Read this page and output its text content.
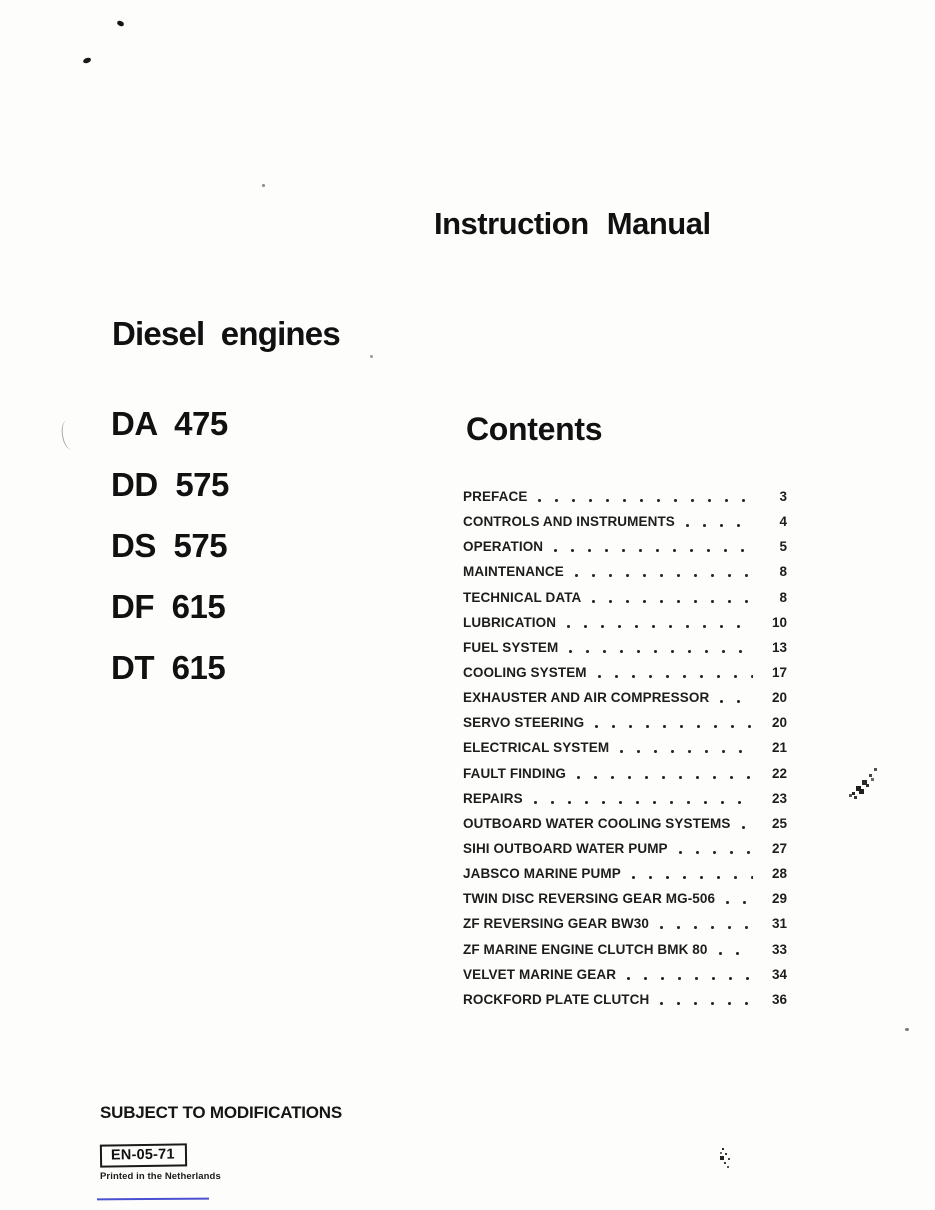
Instruction Manual
Diesel engines
DA 475
DD 575
DS 575
DF 615
DT 615
Contents
PREFACE	3
CONTROLS AND INSTRUMENTS	4
OPERATION	5
MAINTENANCE	8
TECHNICAL DATA	8
LUBRICATION	10
FUEL SYSTEM	13
COOLING SYSTEM	17
EXHAUSTER AND AIR COMPRESSOR	20
SERVO STEERING	20
ELECTRICAL SYSTEM	21
FAULT FINDING	22
REPAIRS	23
OUTBOARD WATER COOLING SYSTEMS	25
SIHI OUTBOARD WATER PUMP	27
JABSCO MARINE PUMP	28
TWIN DISC REVERSING GEAR MG-506	29
ZF REVERSING GEAR BW30	31
ZF MARINE ENGINE CLUTCH BMK 80	33
VELVET MARINE GEAR	34
ROCKFORD PLATE CLUTCH	36
SUBJECT TO MODIFICATIONS
EN-05-71
Printed in the Netherlands
